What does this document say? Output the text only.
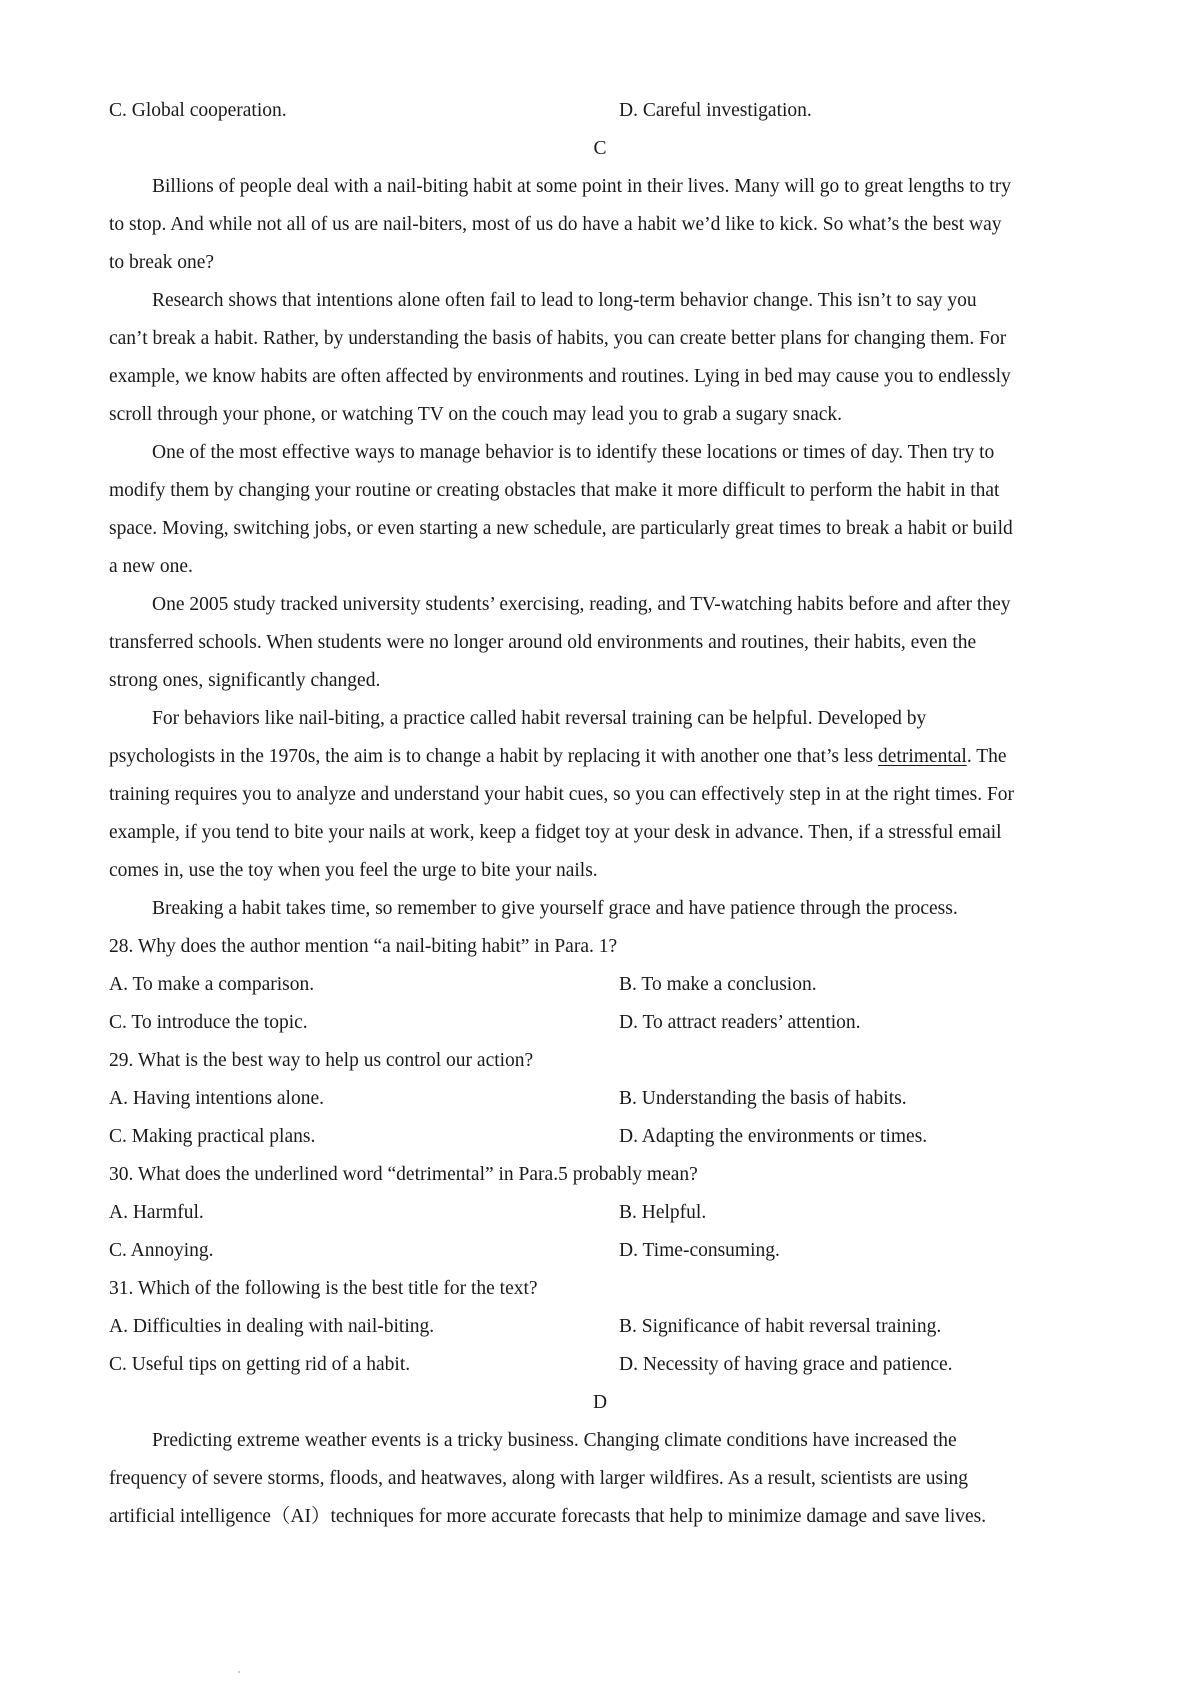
C. Global cooperation.	D. Careful investigation.
C
Billions of people deal with a nail-biting habit at some point in their lives. Many will go to great lengths to try
to stop. And while not all of us are nail-biters, most of us do have a habit we’d like to kick. So what’s the best way
to break one?
Research shows that intentions alone often fail to lead to long-term behavior change. This isn’t to say you
can’t break a habit. Rather, by understanding the basis of habits, you can create better plans for changing them. For
example, we know habits are often affected by environments and routines. Lying in bed may cause you to endlessly
scroll through your phone, or watching TV on the couch may lead you to grab a sugary snack.
One of the most effective ways to manage behavior is to identify these locations or times of day. Then try to
modify them by changing your routine or creating obstacles that make it more difficult to perform the habit in that
space. Moving, switching jobs, or even starting a new schedule, are particularly great times to break a habit or build
a new one.
One 2005 study tracked university students’ exercising, reading, and TV-watching habits before and after they
transferred schools. When students were no longer around old environments and routines, their habits, even the
strong ones, significantly changed.
For behaviors like nail-biting, a practice called habit reversal training can be helpful. Developed by
psychologists in the 1970s, the aim is to change a habit by replacing it with another one that’s less detrimental. The
training requires you to analyze and understand your habit cues, so you can effectively step in at the right times. For
example, if you tend to bite your nails at work, keep a fidget toy at your desk in advance. Then, if a stressful email
comes in, use the toy when you feel the urge to bite your nails.
Breaking a habit takes time, so remember to give yourself grace and have patience through the process.
28. Why does the author mention “a nail-biting habit” in Para. 1?
A. To make a comparison.	B. To make a conclusion.
C. To introduce the topic.	D. To attract readers’ attention.
29. What is the best way to help us control our action?
A. Having intentions alone.	B. Understanding the basis of habits.
C. Making practical plans.	D. Adapting the environments or times.
30. What does the underlined word “detrimental” in Para.5 probably mean?
A. Harmful.	B. Helpful.
C. Annoying.	D. Time-consuming.
31. Which of the following is the best title for the text?
A. Difficulties in dealing with nail-biting.	B. Significance of habit reversal training.
C. Useful tips on getting rid of a habit.	D. Necessity of having grace and patience.
D
Predicting extreme weather events is a tricky business. Changing climate conditions have increased the
frequency of severe storms, floods, and heatwaves, along with larger wildfires. As a result, scientists are using
artificial intelligence（AI）techniques for more accurate forecasts that help to minimize damage and save lives.
